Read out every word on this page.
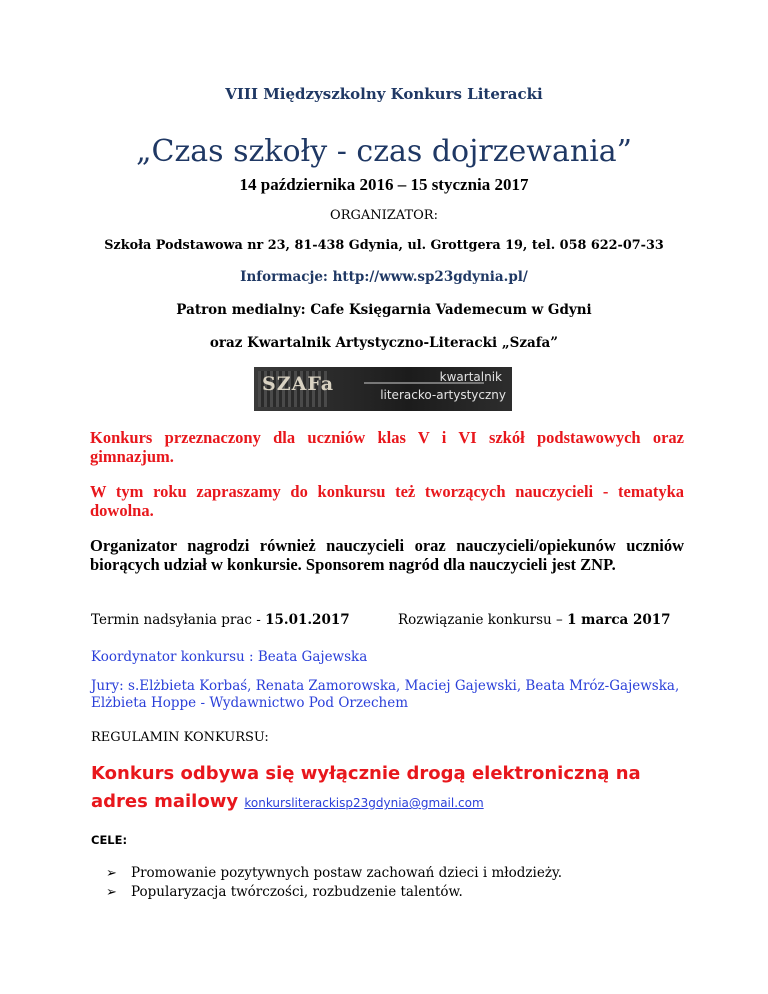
VIII Międzyszkolny Konkurs Literacki
„Czas szkoły - czas dojrzewania”
14 października 2016 – 15 stycznia 2017
ORGANIZATOR:
Szkoła Podstawowa nr 23, 81-438 Gdynia, ul. Grottgera 19, tel. 058 622-07-33
Informacje: http://www.sp23gdynia.pl/
Patron medialny: Cafe Księgarnia Vademecum w Gdyni
oraz Kwartalnik Artystyczno-Literacki „Szafa”
SZAFa	kwartalnik
literacko-artystyczny
Konkurs przeznaczony dla uczniów klas V i VI szkół podstawowych oraz gimnazjum.
W tym roku zapraszamy do konkursu też tworzących nauczycieli - tematyka dowolna.
Organizator nagrodzi również nauczycieli oraz nauczycieli/opiekunów uczniów biorących udział w konkursie. Sponsorem nagród dla nauczycieli jest ZNP.
Termin nadsyłania prac - 15.01.2017	Rozwiązanie konkursu – 1 marca 2017
Koordynator konkursu : Beata Gajewska
Jury: s.Elżbieta Korbaś, Renata Zamorowska, Maciej Gajewski, Beata Mróz-Gajewska, Elżbieta Hoppe - Wydawnictwo Pod Orzechem
REGULAMIN KONKURSU:
Konkurs odbywa się wyłącznie drogą elektroniczną na adres mailowy konkursliterackisp23gdynia@gmail.com
CELE:
➢	Promowanie pozytywnych postaw zachowań dzieci i młodzieży.
➢	Popularyzacja twórczości, rozbudzenie talentów.
